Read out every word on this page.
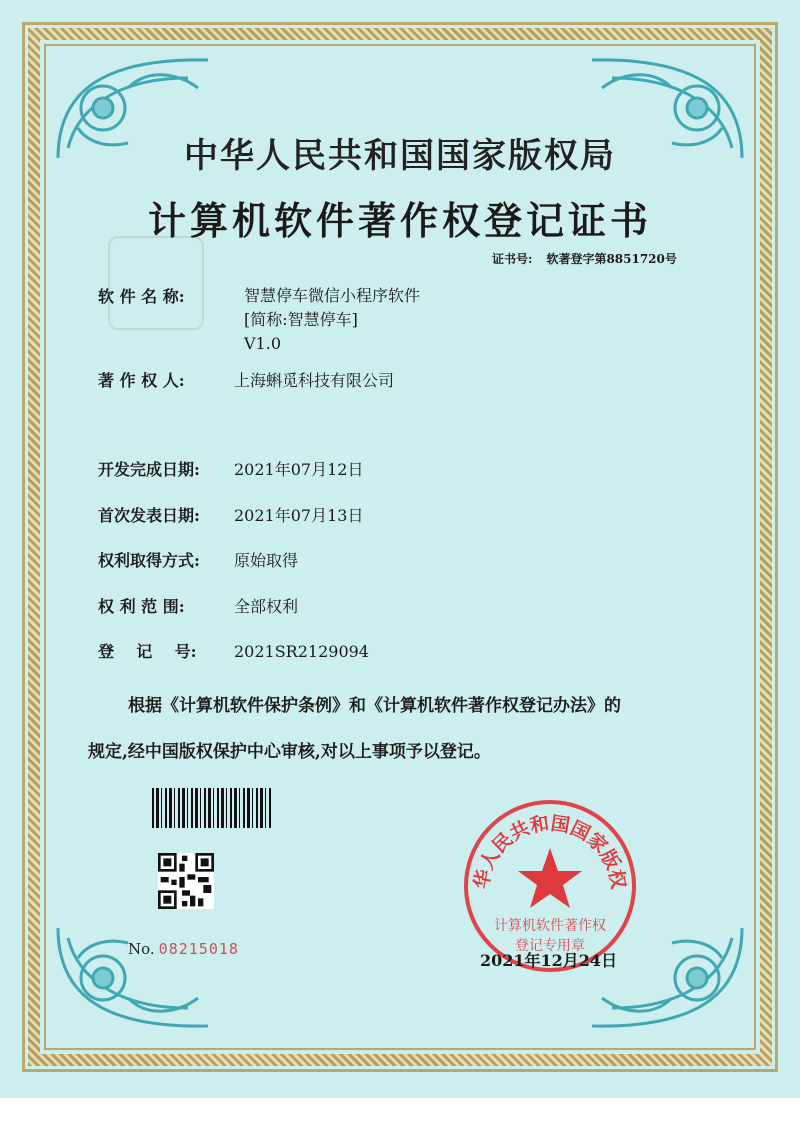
中华人民共和国国家版权局
计算机软件著作权登记证书
证书号: 软著登字第8851720号
软 件 名 称:	智慧停车微信小程序软件
[简称:智慧停车]
V1.0
著 作 权 人:	上海蝌觅科技有限公司
开发完成日期: 2021年07月12日
首次发表日期: 2021年07月13日
权利取得方式: 原始取得
权 利 范 围:	全部权利
登    记    号: 2021SR2129094
根据《计算机软件保护条例》和《计算机软件著作权登记办法》的
规定,经中国版权保护中心审核,对以上事项予以登记。
No. 08215018
华人民共和国国家版权
计算机软件著作权
登记专用章
2021年12月24日
